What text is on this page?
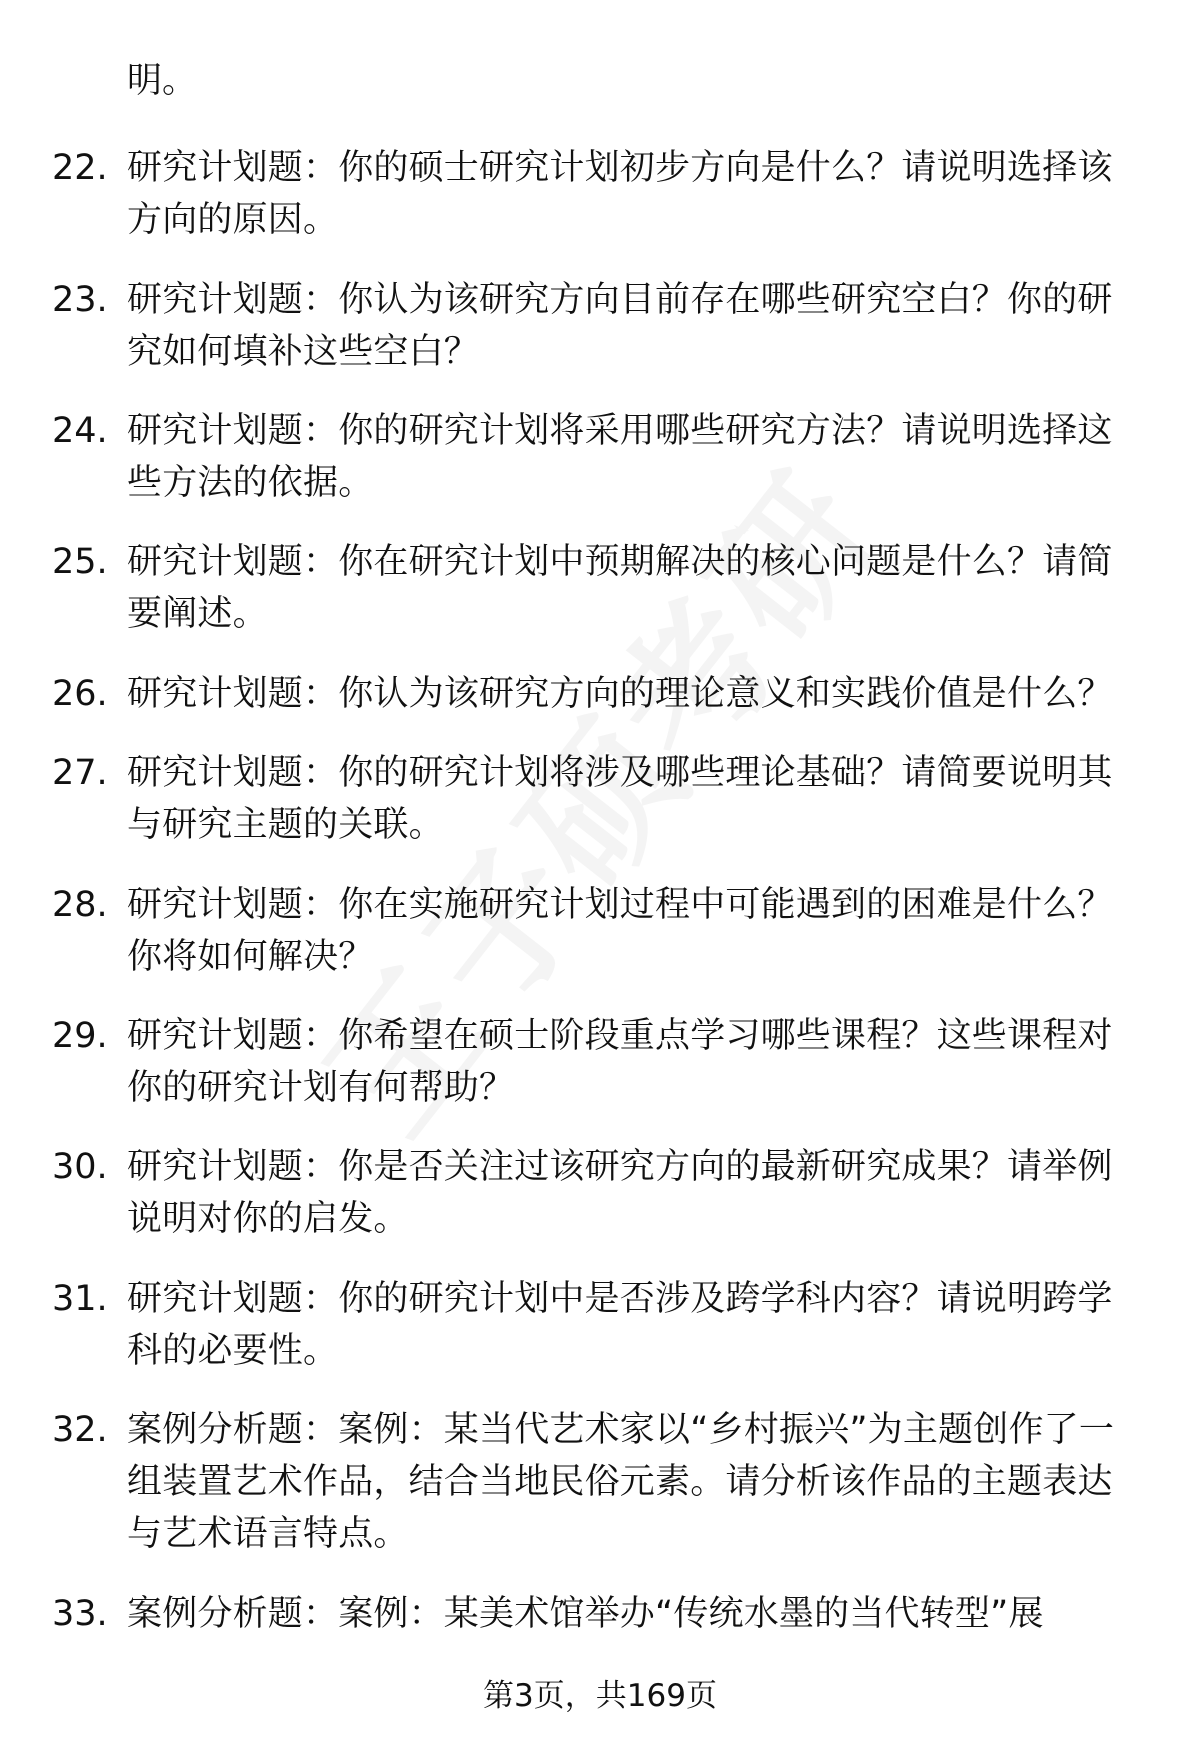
明。
22. 研究计划题：你的硕士研究计划初步方向是什么？请说明选择该方向的原因。
23. 研究计划题：你认为该研究方向目前存在哪些研究空白？你的研究如何填补这些空白？
24. 研究计划题：你的研究计划将采用哪些研究方法？请说明选择这些方法的依据。
25. 研究计划题：你在研究计划中预期解决的核心问题是什么？请简要阐述。
26. 研究计划题：你认为该研究方向的理论意义和实践价值是什么？
27. 研究计划题：你的研究计划将涉及哪些理论基础？请简要说明其与研究主题的关联。
28. 研究计划题：你在实施研究计划过程中可能遇到的困难是什么？你将如何解决？
29. 研究计划题：你希望在硕士阶段重点学习哪些课程？这些课程对你的研究计划有何帮助？
30. 研究计划题：你是否关注过该研究方向的最新研究成果？请举例说明对你的启发。
31. 研究计划题：你的研究计划中是否涉及跨学科内容？请说明跨学科的必要性。
32. 案例分析题：案例：某当代艺术家以“乡村振兴”为主题创作了一组装置艺术作品，结合当地民俗元素。请分析该作品的主题表达与艺术语言特点。
33. 案例分析题：案例：某美术馆举办“传统水墨的当代转型”展
第3页，共169页
